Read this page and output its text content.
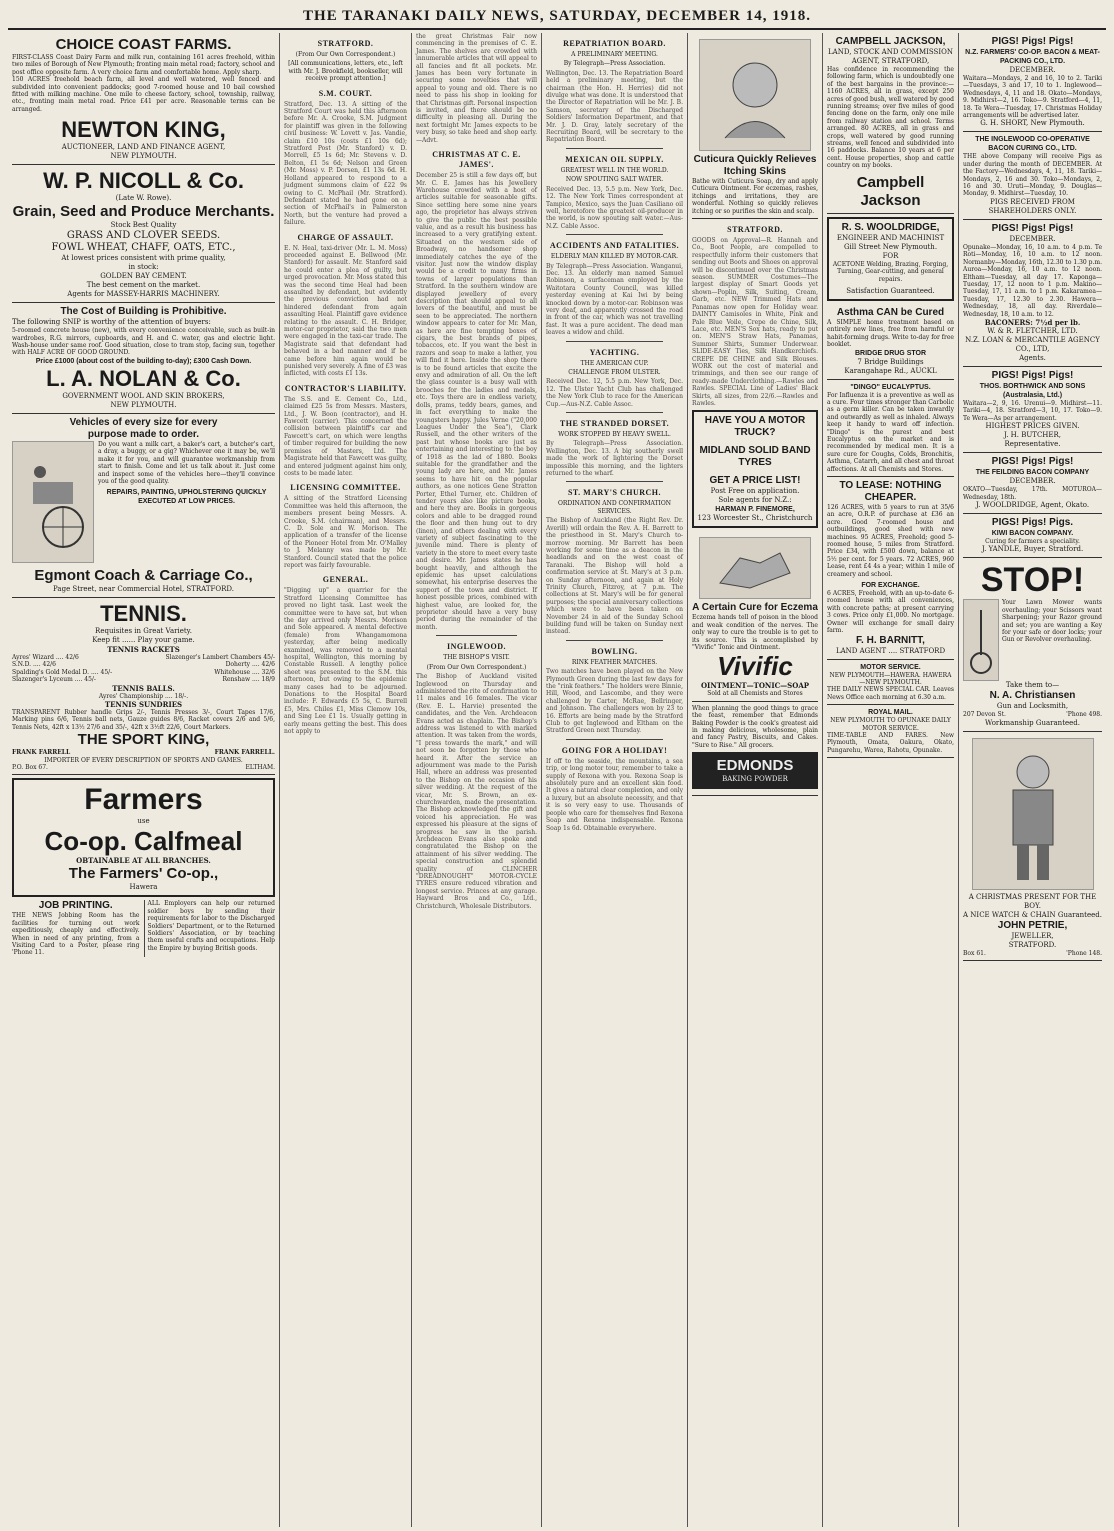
THE TARANAKI DAILY NEWS, SATURDAY, DECEMBER 14, 1918.
CHOICE COAST FARMS.
FIRST-CLASS Coast Dairy Farm and milk run, containing 161 acres freehold, within two miles of Borough of New Plymouth; fronting main metal road; factory, school and post office opposite farm. A very choice farm and comfortable home. Apply sharp.
150 ACRES freehold beach farm, all level and well watered, well fenced and subdivided into convenient paddocks; good 7-roomed house and 10 bail cowshed fitted with milking machine. One mile to cheese factory, school, township, railway, etc., fronting main metal road. Price £41 per acre. Reasonable terms can be arranged.
NEWTON KING,
AUCTIONEER, LAND AND FINANCE AGENT,
NEW PLYMOUTH.
W. P. NICOLL & Co.
(Late W. Rowe).
Grain, Seed and Produce Merchants.
Stock Best Quality
GRASS AND CLOVER SEEDS.
FOWL WHEAT, CHAFF, OATS, ETC.,
At lowest prices consistent with prime quality,
in stock:
GOLDEN BAY CEMENT.
The best cement on the market.
Agents for MASSEY-HARRIS MACHINERY.
The Cost of Building is Prohibitive.
The following SNIP is worthy of the attention of buyers:
5-roomed concrete house (new), with every convenience conceivable, such as built-in wardrobes, R.G. mirrors, cupboards, and H. and C. water, gas and electric light. Wash-house under same roof. Good situation, close to tram stop, facing sun, together with HALF ACRE OF GOOD GROUND.
Price £1000 (about cost of the building to-day); £300 Cash Down.
L. A. NOLAN & Co.
GOVERNMENT WOOL AND SKIN BROKERS,
NEW PLYMOUTH.
Vehicles of every size for every
purpose made to order.
Do you want a milk cart, a baker's cart, a butcher's cart, a dray, a buggy, or a gig? Whichever one it may be, we'll make it for you, and will guarantee workmanship from start to finish. Come and let us talk about it. Just come and inspect some of the vehicles here—they'll convince you of the good quality.
REPAIRS, PAINTING, UPHOLSTERING QUICKLY EXECUTED AT LOW PRICES.
Egmont Coach & Carriage Co.,
Page Street, near Commercial Hotel, STRATFORD.
TENNIS.
Requisites in Great Variety.
Keep fit ...... Play your game.
TENNIS RACKETS
Ayres' Wizard .... 42/6	Slazenger's Lambert Chambers 45/-
S.N.D. .... 42/6	Doherty .... 42/6
Spalding's Gold Medal D. .... 45/-	Whitehouse .... 32/6
Slazenger's Lyceum .... 45/-	Renshaw .... 18/9
TENNIS BALLS.
Ayres' Championship .... 18/-.
TENNIS SUNDRIES
TRANSPARENT Rubber handle Grips 2/-, Tennis Presses 3/-, Court Tapes 17/6, Marking pins 6/6, Tennis ball nets, Gauze guides 8/6, Racket covers 2/6 and 5/6, Tennis Nets, 42ft x 13½ 27/6 and 35/-, 42ft x 3½ft 22/6, Court Markers.
THE SPORT KING,
FRANK FARRELL	FRANK FARRELL.
IMPORTER OF EVERY DESCRIPTION OF SPORTS AND GAMES.
P.O. Box 67.	ELTHAM.
Farmers
use
Co-op. Calfmeal
OBTAINABLE AT ALL BRANCHES.
The Farmers' Co-op.,
Hawera
JOB PRINTING.
THE NEWS Jobbing Room has the facilities for turning out work expeditiously, cheaply and effectively. When in need of any printing, from a Visiting Card to a Poster, please ring 'Phone 11.
ALL Employers can help our returned soldier boys by sending their requirements for labor to the Discharged Soldiers' Department, or to the Returned Soldiers' Association, or by teaching them useful crafts and occupations. Help the Empire by buying British goods.
STRATFORD.
(From Our Own Correspondent.)
[All communications, letters, etc., left with Mr. J. Brookfield, bookseller, will receive prompt attention.]
S.M. COURT.
Stratford, Dec. 13. A sitting of the Stratford Court was held this afternoon before Mr. A. Crooke, S.M. Judgment for plaintiff was given in the following civil business: W. Lovett v. Jas. Vandie, claim £10 10s (costs £1 10s 6d); Stratford Post (Mr. Stanford) v. D. Morrell, £5 1s 6d; Mr. Stevens v. D. Belton, £1 5s 6d; Nelson and Green (Mr. Moss) v. P. Dorsen, £1 13s 6d. H. Holland appeared to respond to a judgment summons claim of £22 9s owing to C. McPhail (Mr. Stratford). Defendant stated he had gone on a section of McPhail's in Palmerston North, but the venture had proved a failure.
CHARGE OF ASSAULT.
E. N. Heal, taxi-driver (Mr. L. M. Moss) proceeded against E. Bellwood (Mr. Stanford) for assault. Mr. Stanford said he could enter a plea of guilty, but urged provocation. Mr. Moss stated this was the second time Heal had been assaulted by defendant, but evidently the previous conviction had not hindered defendant from again assaulting Heal. Plaintiff gave evidence relating to the assault. C. H. Bridger, motor-car proprietor, said the two men were engaged in the taxi-car trade. The Magistrate said that defendant had behaved in a bad manner and if he came before him again would be punished very severely. A fine of £3 was inflicted, with costs £1 13s.
CONTRACTOR'S LIABILITY.
The S.S. and E. Cement Co., Ltd., claimed £25 5s from Messrs. Masters, Ltd., J. W. Boon (contractor), and H. Fawcett (carrier). This concerned the collision between plaintiff's car and Fawcett's cart, on which were lengths of timber required for building the new premises of Masters, Ltd. The Magistrate held that Fawcett was guilty, and entered judgment against him only, costs to be made later.
LICENSING COMMITTEE.
A sitting of the Stratford Licensing Committee was held this afternoon, the members present being Messrs. A. Crooke, S.M. (chairman), and Messrs. C. D. Sole and W. Morison. The application of a transfer of the license of the Pioneer Hotel from Mr. O'Malley to J. Melanny was made by Mr. Stanford. Council stated that the police report was fairly favourable.
GENERAL.
"Digging up" a quarrier for the Stratford Licensing Committee has proved no light task. Last week the committee were to have sat, but when the day arrived only Messrs. Morison and Sole appeared. A mental defective (female) from Whangamomona yesterday, after being medically examined, was removed to a mental hospital, Wellington, this morning by Constable Russell. A lengthy police sheet was presented to the S.M. this afternoon, but owing to the epidemic many cases had to be adjourned. Donations to the Hospital Board include: F. Edwards £5 5s, C. Burrell £5, Mrs. Chiles £1, Miss Clemow 10s, and Sing Lee £1 1s. Usually getting in early means getting the best. This does not apply to
the great Christmas Fair now commencing in the premises of C. E. James. The shelves are crowded with innumerable articles that will appeal to all fancies and fit all pockets. Mr. James has been very fortunate in securing some novelties that will appeal to young and old. There is no need to pass his shop in looking for that Christmas gift. Personal inspection is invited, and there should be no difficulty in pleasing all. During the next fortnight Mr. James expects to be very busy, so take heed and shop early.—Advt.
CHRISTMAS AT C. E. JAMES'.
December 25 is still a few days off, but Mr. C. E. James has his Jewellery Warehouse crowded with a host of articles suitable for seasonable gifts. Since settling here some nine years ago, the proprietor has always striven to give the public the best possible value, and as a result his business has increased to a very gratifying extent. Situated on the western side of Broadway, no handsomer shop immediately catches the eye of the visitor. Just now the window display would be a credit to many firms in towns of larger populations than Stratford. In the southern window are displayed jewellery of every description that should appeal to all lovers of the beautiful, and must be seen to be appreciated. The northern window appears to cater for Mr. Man, as here are fine tempting boxes of cigars, the best brands of pipes, tobaccos, etc. If you want the best in razors and soap to make a lather, you will find it here. Inside the shop there is to be found articles that excite the envy and admiration of all. On the left the glass counter is a busy wall with brooches for the ladies and medals, etc. Toys there are in endless variety, dolls, prams, teddy bears, games, and in fact everything to make the youngsters happy. Jules Verne ("20,000 Leagues Under the Sea"), Clark Russell, and the other writers of the past but whose books are just as entertaining and interesting to the boy of 1918 as the lad of 1880. Books suitable for the grandfather and the young lady are here, and Mr. James seems to have hit on the popular authors, as one notices Gene Stratton Porter, Ethel Turner, etc. Children of tender years also like picture books, and here they are. Books in gorgeous colors and able to be dragged round the floor and then hung out to dry (linen), and others dealing with every variety of subject fascinating to the juvenile mind. There is plenty of variety in the store to meet every taste and desire. Mr. James states he has bought heavily, and although the epidemic has upset calculations somewhat, his enterprise deserves the support of the town and district. If honest possible prices, combined with highest value, are looked for, the proprietor should have a very busy period during the remainder of the month.
INGLEWOOD.
THE BISHOP'S VISIT.
(From Our Own Correspondent.)
The Bishop of Auckland visited Inglewood on Thursday and administered the rite of confirmation to 11 males and 16 females. The vicar (Rev. E. L. Harvie) presented the candidates, and the Ven. Archdeacon Evans acted as chaplain. The Bishop's address was listened to with marked attention. It was taken from the words, "I press towards the mark," and will not soon be forgotten by those who heard it. After the service an adjournment was made to the Parish Hall, where an address was presented to the Bishop on the occasion of his silver wedding. At the request of the vicar, Mr. S. Brown, an ex-churchwarden, made the presentation. The Bishop acknowledged the gift and voiced his appreciation. He was expressed his pleasure at the signs of progress he saw in the parish. Archdeacon Evans also spoke and congratulated the Bishop on the attainment of his silver wedding. The special construction and splendid quality of CLINCHER "DREADNOUGHT" MOTOR-CYCLE TYRES ensure reduced vibration and longest service. Princes at any garage. Hayward Bros and Co., Ltd., Christchurch, Wholesale Distributors.
REPATRIATION BOARD.
A PRELIMINARY MEETING.
By Telegraph—Press Association.
Wellington, Dec. 13. The Repatriation Board held a preliminary meeting, but the chairman (the Hon. H. Herries) did not divulge what was done. It is understood that the Director of Repatriation will be Mr. J. B. Samson, secretary of the Discharged Soldiers' Information Department, and that Mr. J. D. Gray, lately secretary of the Recruiting Board, will be secretary to the Repatriation Board.
MEXICAN OIL SUPPLY.
GREATEST WELL IN THE WORLD.
NOW SPOUTING SALT WATER.
Received Dec. 13, 5.5 p.m. New York, Dec. 12. The New York Times correspondent at Tampico, Mexico, says the Juan Casiliano oil well, heretofore the greatest oil-producer in the world, is now spouting salt water.—Aus-N.Z. Cable Assoc.
ACCIDENTS AND FATALITIES.
ELDERLY MAN KILLED BY MOTOR-CAR.
By Telegraph—Press Association. Wanganui, Dec. 13. An elderly man named Samuel Robinson, a surfaceman employed by the Waitotara County Council, was killed yesterday evening at Kai Iwi by being knocked down by a motor-car. Robinson was very deaf, and apparently crossed the road in front of the car, which was not travelling fast. It was a pure accident. The dead man leaves a widow and child.
YACHTING.
THE AMERICAN CUP.
CHALLENGE FROM ULSTER.
Received Dec. 12, 5.5 p.m. New York, Dec. 12. The Ulster Yacht Club has challenged the New York Club to race for the American Cup.—Aus-N.Z. Cable Assoc.
THE STRANDED DORSET.
WORK STOPPED BY HEAVY SWELL.
By Telegraph—Press Association. Wellington, Dec. 13. A big southerly swell made the work of lightering the Dorset impossible this morning, and the lighters returned to the wharf.
ST. MARY'S CHURCH.
ORDINATION AND CONFIRMATION SERVICES.
The Bishop of Auckland (the Right Rev. Dr. Averill) will ordain the Rev. A. H. Barrett to the priesthood in St. Mary's Church to-morrow morning. Mr Barrett has been working for some time as a deacon in the headlands and on the west coast of Taranaki. The Bishop will hold a confirmation service at St. Mary's at 3 p.m. on Sunday afternoon, and again at Holy Trinity Church, Fitzroy, at 7 p.m. The collections at St. Mary's will be for general purposes; the special anniversary collections which were to have been taken on November 24 in aid of the Sunday School building fund will be taken on Sunday next instead.
BOWLING.
RINK FEATHER MATCHES.
Two matches have been played on the New Plymouth Green during the last few days for the "rink feathers." The holders were Binnie, Hill, Wood, and Lascombe, and they were challenged by Carter, McRae, Bellringer, and Johnson. The challengers won by 23 to 16. Efforts are being made by the Stratford Club to get Inglewood and Eltham on the Stratford Green next Thursday.
GOING FOR A HOLIDAY!
If off to the seaside, the mountains, a sea trip, or long motor tour, remember to take a supply of Rexona with you. Rexona Soap is absolutely pure and an excellent skin food. It gives a natural clear complexion, and only a luxury, but an absolute necessity, and that it is so very easy to use. Thousands of people who care for themselves find Rexona Soap and Rexona indispensable. Rexona Soap 1s 6d. Obtainable everywhere.
Cuticura Quickly Relieves Itching Skins
Bathe with Cuticura Soap, dry and apply Cuticura Ointment. For eczemas, rashes, itchings and irritations, they are wonderful. Nothing so quickly relieves itching or so purifies the skin and scalp.
STRATFORD.
GOODS on Approval—R. Hannah and Co., Boot People, are compelled to respectfully inform their customers that sending out Boots and Shoes on approval will be discontinued over the Christmas season. SUMMER Costumes—The largest display of Smart Goods yet shown—Poplin, Silk, Suiting, Cream, Garb, etc. NEW Trimmed Hats and Panamas now open for Holiday wear. DAINTY Camisoles in White, Pink and Pale Blue Voile, Crepe de Chine, Silk, Lace, etc. MEN'S Sox hats, ready to put on. MEN'S Straw Hats, Panamas, Summer Shirts, Summer Underwear. SLIDE-EASY Ties, Silk Handkerchiefs. CREPE DE CHINE and Silk Blouses. WORK out the cost of material and trimmings, and then see our range of ready-made Underclothing.—Rawles and Rawles. SPECIAL Line of Ladies' Black Skirts, all sizes, from 22/6.—Rawles and Rawles.
HAVE YOU A MOTOR TRUCK?
MIDLAND SOLID BAND TYRES
GET A PRICE LIST!
Post Free on application.
Sole agents for N.Z.:
HARMAN P. FINEMORE,
123 Worcester St., Christchurch
A Certain Cure for Eczema
Eczema hands tell of poison in the blood and weak condition of the nerves. The only way to cure the trouble is to get to its source. This is accomplished by "Vivific" Tonic and Ointment.
Vivific
OINTMENT—TONIC—SOAP
Sold at all Chemists and Stores
When planning the good things to grace the feast, remember that Edmonds Baking Powder is the cook's greatest aid in making delicious, wholesome, plain and fancy Pastry, Biscuits, and Cakes. "Sure to Rise." All grocers.
EDMONDS
BAKING POWDER
CAMPBELL JACKSON,
LAND, STOCK AND COMMISSION AGENT, STRATFORD,
Has confidence in recommending the following farm, which is undoubtedly one of the best bargains in the province:— 1160 ACRES, all in grass, except 250 acres of good bush, well watered by good running streams; over five miles of good fencing done on the farm, only one mile from railway station and school. Terms arranged. 80 ACRES, all in grass and crops, well watered by good running streams, well fenced and subdivided into 16 paddocks. Balance 10 years at 6 per cent. House properties, shop and cattle country on my books.
Campbell Jackson
R. S. WOOLDRIDGE,
ENGINEER AND MACHINIST
Gill Street New Plymouth.
FOR
ACETONE Welding, Brazing, Forging, Turning, Gear-cutting, and general repairs.
Satisfaction Guaranteed.
Asthma CAN be Cured
A SIMPLE home treatment based on entirely new lines, free from harmful or habit-forming drugs. Write to-day for free booklet.
BRIDGE DRUG STOR
7 Bridge Buildings
Karangahape Rd., AUCKL
"DINGO" EUCALYPTUS.
For Influenza it is a preventive as well as a cure. Four times stronger than Carbolic as a germ killer. Can be taken inwardly and outwardly as well as inhaled. Always keep it handy to ward off infection. "Dingo" is the purest and best Eucalyptus on the market and is recommended by medical men. It is a sure cure for Coughs, Colds, Bronchitis, Asthma, Catarrh, and all chest and throat affections. At all Chemists and Stores.
TO LEASE: NOTHING CHEAPER.
126 ACRES, with 5 years to run at 35/6 an acre, O.R.P. of purchase at £36 an acre. Good 7-roomed house and outbuildings, good shed with new machines. 95 ACRES, Freehold; good 5-roomed house, 5 miles from Stratford. Price £34, with £500 down, balance at 5½ per cent. for 5 years. 72 ACRES, 960 Lease, rent £4 4s a year; within 1 mile of creamery and school.
FOR EXCHANGE.
6 ACRES, Freehold, with an up-to-date 6-roomed house with all conveniences, with concrete paths; at present carrying 3 cows. Price only £1,000. No mortgage. Owner will exchange for small dairy farm.
F. H. BARNITT,
LAND AGENT .... STRATFORD
MOTOR SERVICE.
NEW PLYMOUTH—HAWERA. HAWERA—NEW PLYMOUTH.
THE DAILY NEWS SPECIAL CAR. Leaves News Office each morning at 6.30 a.m.
ROYAL MAIL.
NEW PLYMOUTH TO OPUNAKE DAILY MOTOR SERVICE.
TIME-TABLE AND FARES. New Plymouth, Omata, Oakura, Okato, Pungarehu, Warea, Rahotu, Opunake.
PIGS! Pigs! Pigs!
N.Z. FARMERS' CO-OP. BACON & MEAT-PACKING CO., LTD.
DECEMBER.
Waitara—Mondays, 2 and 16, 10 to 2. Tariki—Tuesdays, 3 and 17, 10 to 1. Inglewood—Wednesdays, 4, 11 and 18. Okato—Mondays, 9. Midhirst—2, 16. Toko—9. Stratford—4, 11, 18. Te Wera—Tuesday, 17. Christmas Holiday arrangements will be advertised later.
G. H. SHORT, New Plymouth.
THE INGLEWOOD CO-OPERATIVE BACON CURING CO., LTD.
THE above Company will receive Pigs as under during the month of DECEMBER. At the Factory—Wednesdays, 4, 11, 18. Tariki—Mondays, 2, 16 and 30. Toko—Mondays, 2, 16 and 30. Uruti—Monday, 9. Douglas—Monday, 9. Midhirst—Tuesday, 10.
PIGS RECEIVED FROM SHAREHOLDERS ONLY.
PIGS! Pigs! Pigs!
DECEMBER.
Opunake—Monday, 16, 10 a.m. to 4 p.m. Te Roti—Monday, 16, 10 a.m. to 12 noon. Normanby—Monday, 16th, 12.30 to 1.30 p.m. Auroa—Monday, 16, 10 a.m. to 12 noon. Eltham—Tuesday, all day 17. Kaponga—Tuesday, 17, 12 noon to 1 p.m. Makino—Tuesday, 17, 11 a.m. to 1 p.m. Kakaramea—Tuesday, 17, 12.30 to 2.30. Hawera—Wednesday, 18, all day. Riverdale—Wednesday, 18, 10 a.m. to 12.
BACONERS: 7½d per lb.
W. & R. FLETCHER, LTD.
N.Z. LOAN & MERCANTILE AGENCY CO., LTD,
Agents.
PIGS! Pigs! Pigs!
THOS. BORTHWICK AND SONS (Australasia, Ltd.)
Waitara—2, 9, 16. Urenui—9. Midhirst—11. Tariki—4, 18. Stratford—3, 10, 17. Toko—9. Te Wera—As per arrangement.
HIGHEST PRICES GIVEN.
J. H. BUTCHER,
Representative.
PIGS! Pigs! Pigs!
THE FEILDING BACON COMPANY
DECEMBER.
OKATO—Tuesday, 17th. MOTUROA—Wednesday, 18th.
J. WOOLDRIDGE, Agent, Okato.
PIGS! Pigs! Pigs.
KIWI BACON COMPANY.
Curing for farmers a speciality.
J. YANDLE, Buyer, Stratford.
STOP!
Your Lawn Mower wants overhauling; your Scissors want Sharpening; your Razor ground and set; you are wanting a Key for your safe or door locks; your Gun or Revolver overhauling.
Take them to—
N. A. Christiansen
Gun and Locksmith,
207 Devon St.	'Phone 498.
Workmanship Guaranteed.
A CHRISTMAS PRESENT FOR THE BOY.
A NICE WATCH & CHAIN Guaranteed.
JOHN PETRIE,
JEWELLER,
STRATFORD.
Box 61.	'Phone 148.
